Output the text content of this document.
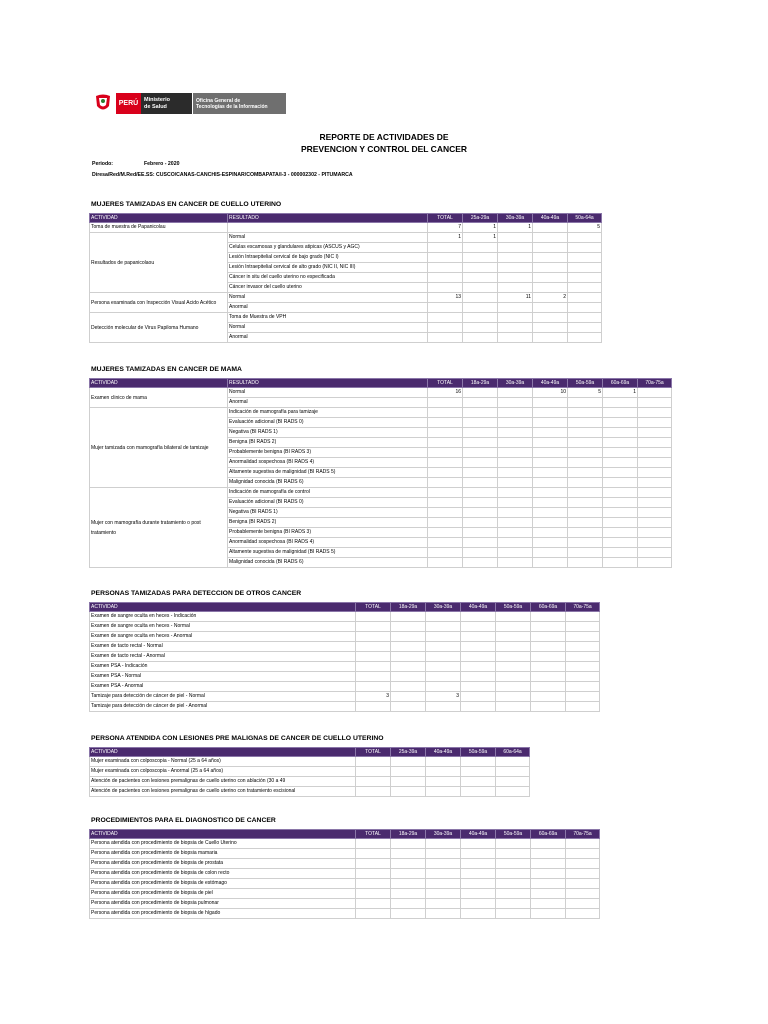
PERÚ	Ministerio
de Salud
Oficina General de
Tecnologías de la Información
REPORTE DE ACTIVIDADES DE
PREVENCION Y CONTROL DEL CANCER
Periodo:	Febrero - 2020
Diresa/Red/M.Red/EE.SS: CUSCO/CANAS-CANCHIS-ESPINAR/COMBAPATA/I-3 - 000002302 - PITUMARCA
MUJERES TAMIZADAS EN CANCER DE CUELLO UTERINO
ACTIVIDAD	RESULTADO	TOTAL	25a-29a	30a-39a	40a-49a	50a-64a
Toma de muestra de Papanicolau		7	1	1		5
Resultados de papanicolaou	Normal	1	1			
	Celulas escamosas y glandulares atipicas (ASCUS y AGC)					
	Lesión Intraepitelial cervical de bajo grado (NIC I)					
	Lesión Intraepitelial cervical de alto grado (NIC II, NIC III)					
	Cáncer in situ del cuello uterino no especificada					
	Cáncer invasor del cuello uterino					
Persona examinada con Inspección Visual Acido Acético	Normal	13		11	2	
	Anormal					
Detección molecular de Virus Papiloma Humano	Toma de Muestra de VPH					
	Normal					
	Anormal					
MUJERES TAMIZADAS EN CANCER DE MAMA
ACTIVIDAD	RESULTADO	TOTAL	18a-29a	30a-39a	40a-49a	50a-59a	60a-69a	70a-75a
Examen clinico de mama	Normal	16			10	5	1	
	Anormal							
Mujer tamizada con mamografía bilateral de tamizaje	Indicación de mamografía para tamizaje							
	Evaluación adicional (BI RADS 0)							
	Negativa (BI RADS 1)							
	Benigna (BI RADS 2)							
	Probablemente benigna (BI RADS 3)							
	Anormalidad sospechosa (BI RADS 4)							
	Altamente sugestiva de malignidad (BI RADS 5)							
	Malignidad conocida (BI RADS 6)							
Mujer con mamografía durante tratamiento o post tratamiento	Indicación de mamografía de control							
	Evaluación adicional (BI RADS 0)							
	Negativa (BI RADS 1)							
	Benigna (BI RADS 2)							
	Probablemente benigna (BI RADS 3)							
	Anormalidad sospechosa (BI RADS 4)							
	Altamente sugestiva de malignidad (BI RADS 5)							
	Malignidad conocida (BI RADS 6)							
PERSONAS TAMIZADAS PARA DETECCION DE OTROS CANCER
ACTIVIDAD	TOTAL	18a-29a	30a-39a	40a-49a	50a-59a	60a-69a	70a-75a
Examen de sangre oculta en heces - Indicación							
Examen de sangre oculta en heces - Normal							
Examen de sangre oculta en heces - Anormal							
Examen de tacto rectal - Normal							
Examen de tacto rectal - Anormal							
Examen PSA - Indicación							
Examen PSA - Normal							
Examen PSA - Anormal							
Tamizaje para detección de cáncer de piel - Normal	3		3				
Tamizaje para detección de cáncer de piel - Anormal							
PERSONA ATENDIDA CON LESIONES PRE MALIGNAS DE CANCER DE CUELLO UTERINO
ACTIVIDAD	TOTAL	25a-39a	40a-49a	50a-59a	60a-64a
Mujer examinada con colposcopia - Normal (25 a 64 años)					
Mujer examinada con colposcopia - Anormal (25 a 64 años)					
Atención de pacientes con lesiones premalignas de cuello uterino con ablación (30 a 49					
Atención de pacientes con lesiones premalignas de cuello uterino con tratamiento escisional					
PROCEDIMIENTOS PARA EL DIAGNOSTICO DE CANCER
ACTIVIDAD	TOTAL	18a-29a	30a-39a	40a-49a	50a-59a	60a-69a	70a-75a
Persona atendida con procedimiento de biopsia de Cuello Uterino							
Persona atendida con procedimiento de biopsia mamaria							
Persona atendida con procedimiento de biopsia de prostata							
Persona atendida con procedimiento de biopsia de colon recto							
Persona atendida con procedimiento de biopsia de estómago							
Persona atendida con procedimiento de biopsia de piel							
Persona atendida con procedimiento de biopsia pulmonar							
Persona atendida con procedimiento de biopsia de hígado							
